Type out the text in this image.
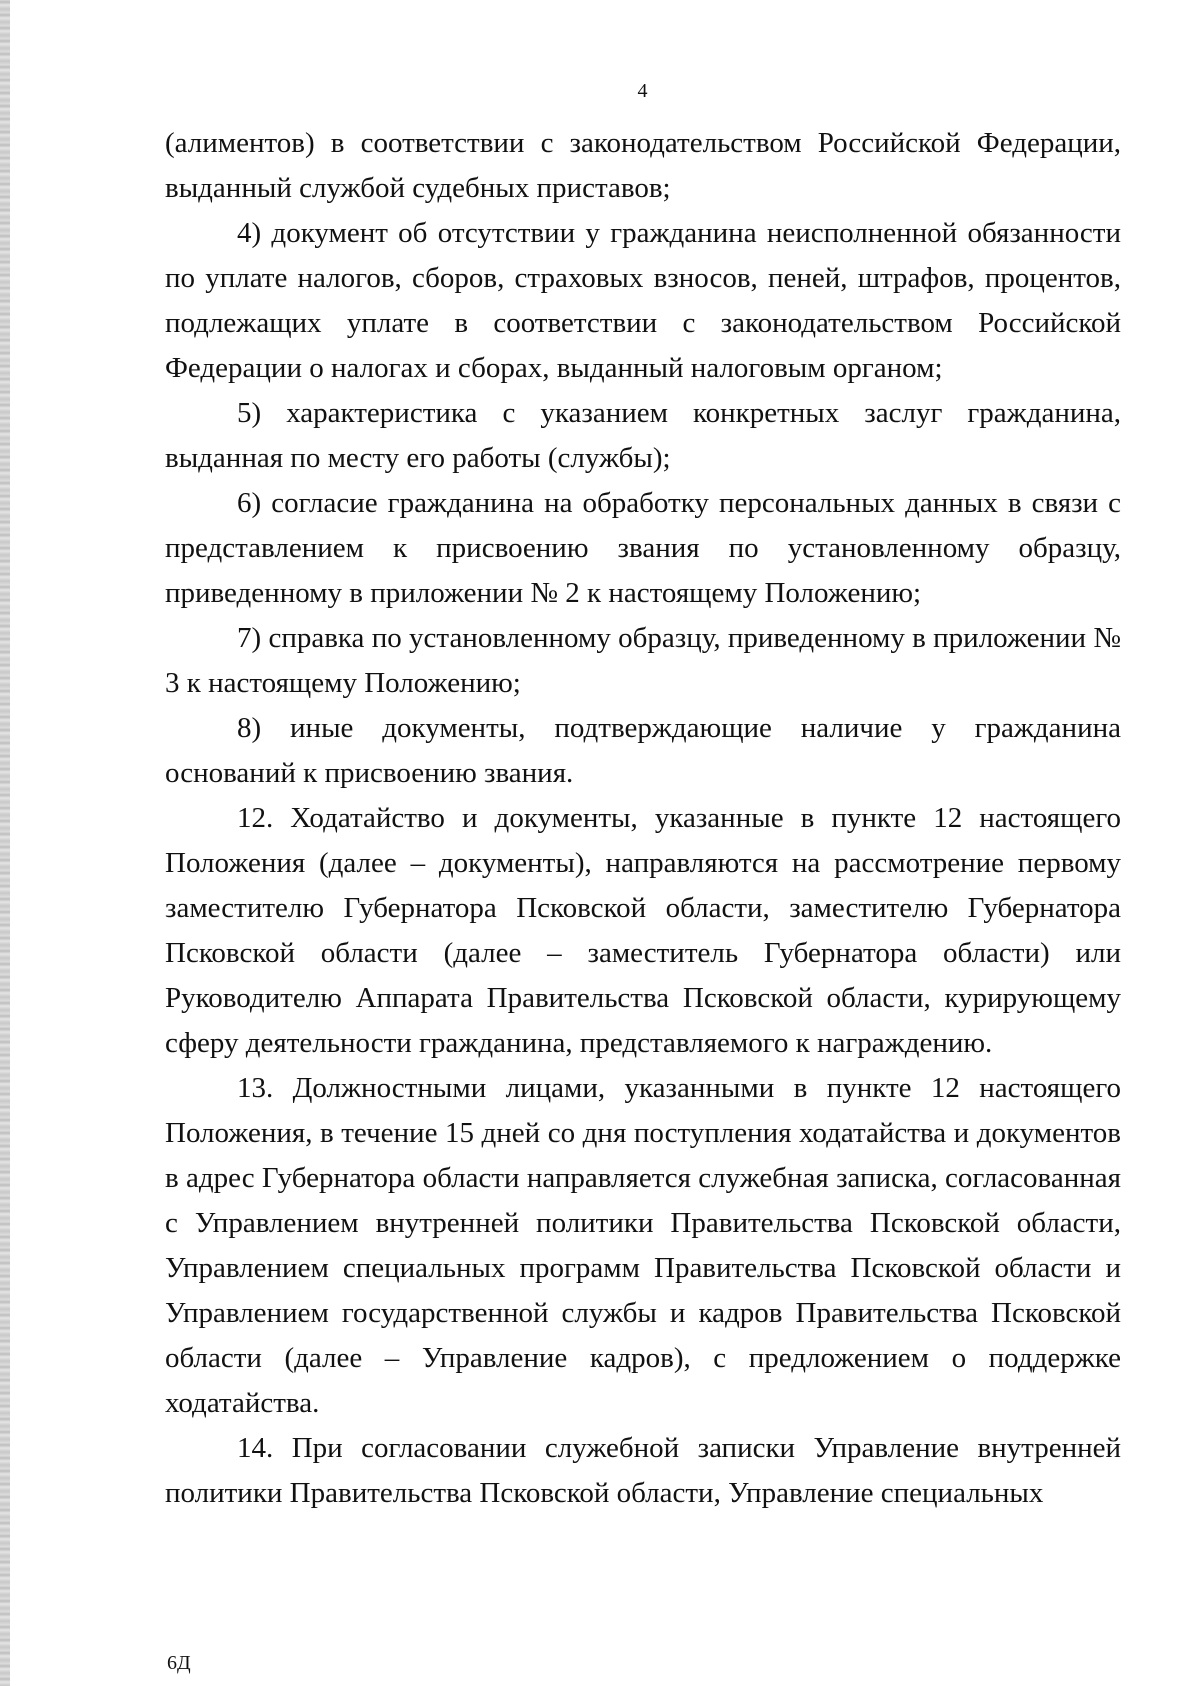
4

(алиментов) в соответствии с законодательством Российской Федерации, выданный службой судебных приставов;

4) документ об отсутствии у гражданина неисполненной обязанности по уплате налогов, сборов, страховых взносов, пеней, штрафов, процентов, подлежащих уплате в соответствии с законодательством Российской Федерации о налогах и сборах, выданный налоговым органом;

5) характеристика с указанием конкретных заслуг гражданина, выданная по месту его работы (службы);

6) согласие гражданина на обработку персональных данных в связи с представлением к присвоению звания по установленному образцу, приведенному в приложении № 2 к настоящему Положению;

7) справка по установленному образцу, приведенному в приложении № 3 к настоящему Положению;

8) иные документы, подтверждающие наличие у гражданина оснований к присвоению звания.

12. Ходатайство и документы, указанные в пункте 12 настоящего Положения (далее – документы), направляются на рассмотрение первому заместителю Губернатора Псковской области, заместителю Губернатора Псковской области (далее – заместитель Губернатора области) или Руководителю Аппарата Правительства Псковской области, курирующему сферу деятельности гражданина, представляемого к награждению.

13. Должностными лицами, указанными в пункте 12 настоящего Положения, в течение 15 дней со дня поступления ходатайства и документов в адрес Губернатора области направляется служебная записка, согласованная с Управлением внутренней политики Правительства Псковской области, Управлением специальных программ Правительства Псковской области и Управлением государственной службы и кадров Правительства Псковской области (далее – Управление кадров), с предложением о поддержке ходатайства.

14. При согласовании служебной записки Управление внутренней политики Правительства Псковской области, Управление специальных

6Д
